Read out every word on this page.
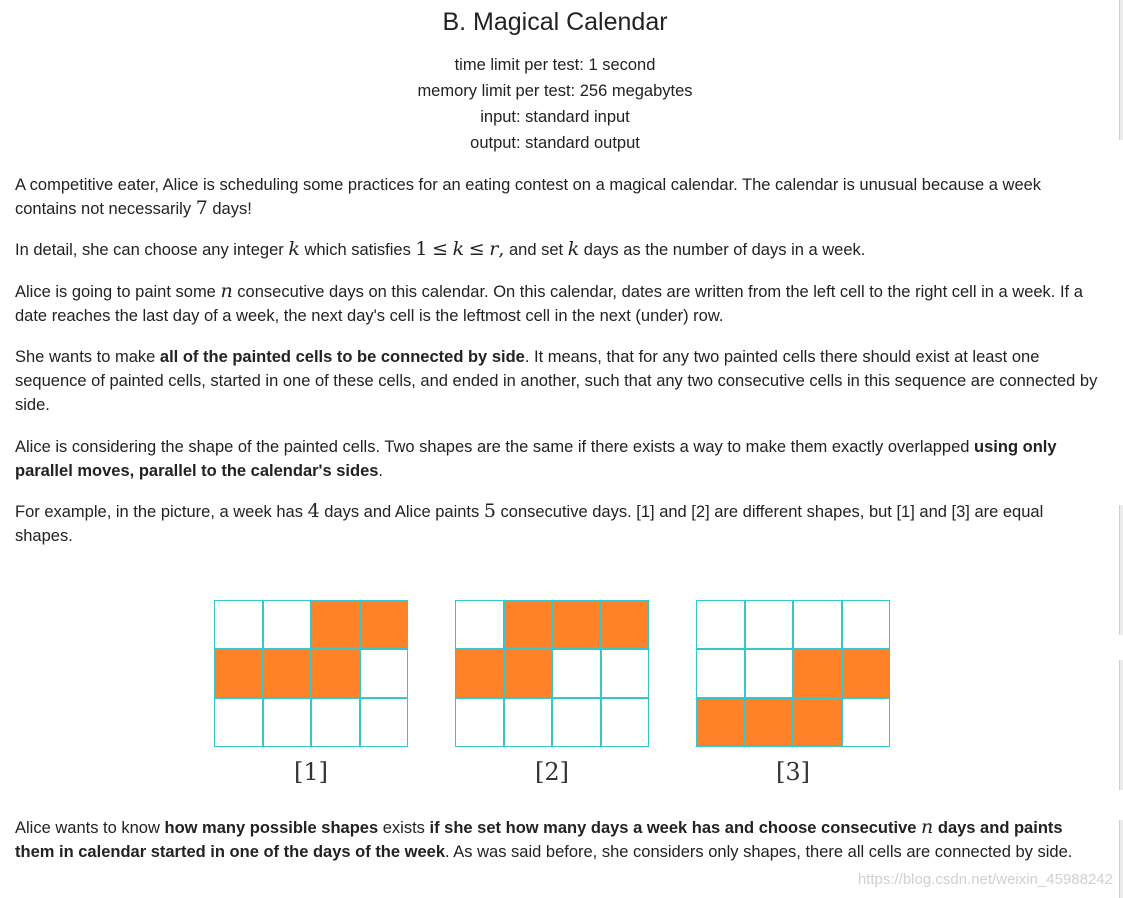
B. Magical Calendar
time limit per test: 1 second
memory limit per test: 256 megabytes
input: standard input
output: standard output

A competitive eater, Alice is scheduling some practices for an eating contest on a magical calendar. The calendar is unusual because a week contains not necessarily 7 days!

In detail, she can choose any integer k which satisfies 1 ≤ k ≤ r, and set k days as the number of days in a week.

Alice is going to paint some n consecutive days on this calendar. On this calendar, dates are written from the left cell to the right cell in a week. If a date reaches the last day of a week, the next day's cell is the leftmost cell in the next (under) row.

She wants to make all of the painted cells to be connected by side. It means, that for any two painted cells there should exist at least one sequence of painted cells, started in one of these cells, and ended in another, such that any two consecutive cells in this sequence are connected by side.

Alice is considering the shape of the painted cells. Two shapes are the same if there exists a way to make them exactly overlapped using only parallel moves, parallel to the calendar's sides.

For example, in the picture, a week has 4 days and Alice paints 5 consecutive days. [1] and [2] are different shapes, but [1] and [3] are equal shapes.

[1]	[2]	[3]

Alice wants to know how many possible shapes exists if she set how many days a week has and choose consecutive n days and paints them in calendar started in one of the days of the week. As was said before, she considers only shapes, there all cells are connected by side.

https://blog.csdn.net/weixin_45988242
